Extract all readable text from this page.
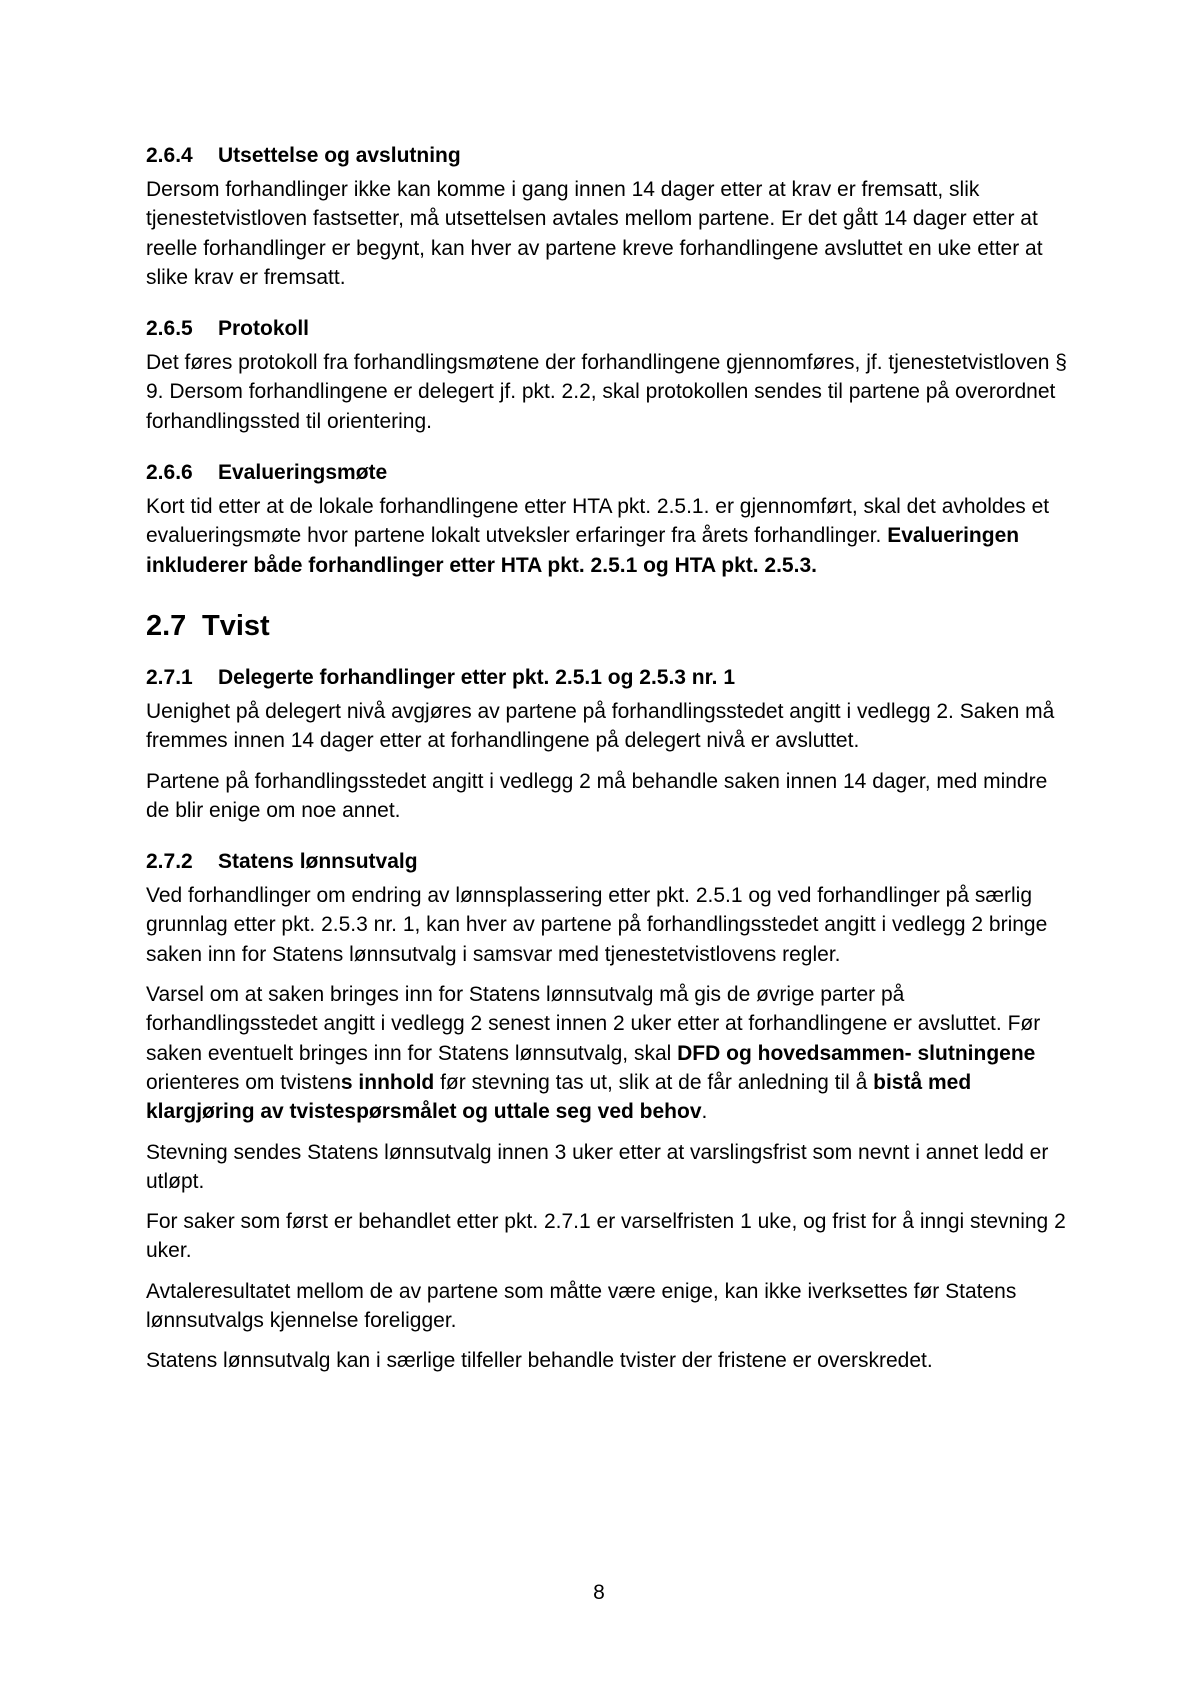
2.6.4	Utsettelse og avslutning

Dersom forhandlinger ikke kan komme i gang innen 14 dager etter at krav er fremsatt, slik tjenestetvistloven fastsetter, må utsettelsen avtales mellom partene. Er det gått 14 dager etter at reelle forhandlinger er begynt, kan hver av partene kreve forhandlingene avsluttet en uke etter at slike krav er fremsatt.

2.6.5	Protokoll

Det føres protokoll fra forhandlingsmøtene der forhandlingene gjennomføres, jf. tjenestetvistloven § 9. Dersom forhandlingene er delegert jf. pkt. 2.2, skal protokollen sendes til partene på overordnet forhandlingssted til orientering.

2.6.6	Evalueringsmøte

Kort tid etter at de lokale forhandlingene etter HTA pkt. 2.5.1. er gjennomført, skal det avholdes et evalueringsmøte hvor partene lokalt utveksler erfaringer fra årets forhandlinger. Evalueringen inkluderer både forhandlinger etter HTA pkt. 2.5.1 og HTA pkt. 2.5.3.

2.7 Tvist
2.7.1	Delegerte forhandlinger etter pkt. 2.5.1 og 2.5.3 nr. 1

Uenighet på delegert nivå avgjøres av partene på forhandlingsstedet angitt i vedlegg 2. Saken må fremmes innen 14 dager etter at forhandlingene på delegert nivå er avsluttet.

Partene på forhandlingsstedet angitt i vedlegg 2 må behandle saken innen 14 dager, med mindre de blir enige om noe annet.

2.7.2	Statens lønnsutvalg

Ved forhandlinger om endring av lønnsplassering etter pkt. 2.5.1 og ved forhandlinger på særlig grunnlag etter pkt. 2.5.3 nr. 1, kan hver av partene på forhandlingsstedet angitt i vedlegg 2 bringe saken inn for Statens lønnsutvalg i samsvar med tjenestetvistlovens regler.

Varsel om at saken bringes inn for Statens lønnsutvalg må gis de øvrige parter på forhandlingsstedet angitt i vedlegg 2 senest innen 2 uker etter at forhandlingene er avsluttet. Før saken eventuelt bringes inn for Statens lønnsutvalg, skal DFD og hovedsammen- slutningene orienteres om tvistens innhold før stevning tas ut, slik at de får anledning til å bistå med klargjøring av tvistespørsmålet og uttale seg ved behov.

Stevning sendes Statens lønnsutvalg innen 3 uker etter at varslingsfrist som nevnt i annet ledd er utløpt.

For saker som først er behandlet etter pkt. 2.7.1 er varselfristen 1 uke, og frist for å inngi stevning 2 uker.

Avtaleresultatet mellom de av partene som måtte være enige, kan ikke iverksettes før Statens lønnsutvalgs kjennelse foreligger.

Statens lønnsutvalg kan i særlige tilfeller behandle tvister der fristene er overskredet.

8
